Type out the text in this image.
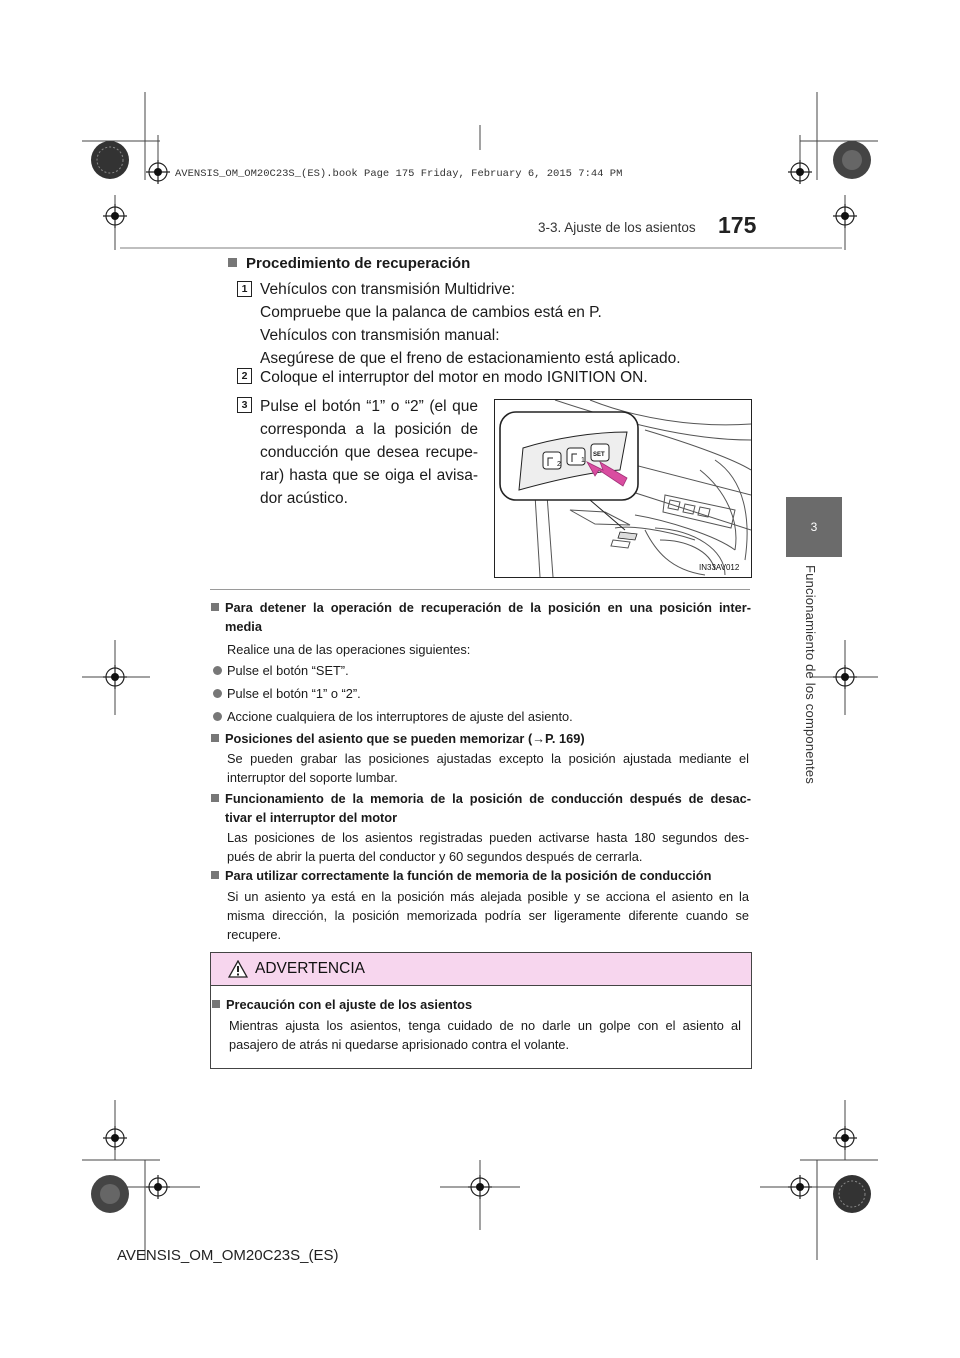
AVENSIS_OM_OM20C23S_(ES).book Page 175 Friday, February 6, 2015 7:44 PM
3-3. Ajuste de los asientos 175
3
Funcionamiento de los componentes
Procedimiento de recuperación
1 Vehículos con transmisión Multidrive:
Compruebe que la palanca de cambios está en P.
Vehículos con transmisión manual:
Asegúrese de que el freno de estacionamiento está aplicado.
2 Coloque el interruptor del motor en modo IGNITION ON.
3 Pulse el botón “1” o “2” (el que
corresponda a la posición de
conducción que desea recupe-
rar) hasta que se oiga el avisa-
dor acústico.
2
1
SET
IN33AV012
Para detener la operación de recuperación de la posición en una posición inter-
media
Realice una de las operaciones siguientes:
Pulse el botón “SET”.
Pulse el botón “1” o “2”.
Accione cualquiera de los interruptores de ajuste del asiento.
Posiciones del asiento que se pueden memorizar (→P. 169)
Se pueden grabar las posiciones ajustadas excepto la posición ajustada mediante el
interruptor del soporte lumbar.
Funcionamiento de la memoria de la posición de conducción después de desac-
tivar el interruptor del motor
Las posiciones de los asientos registradas pueden activarse hasta 180 segundos des-
pués de abrir la puerta del conductor y 60 segundos después de cerrarla.
Para utilizar correctamente la función de memoria de la posición de conducción
Si un asiento ya está en la posición más alejada posible y se acciona el asiento en la
misma dirección, la posición memorizada podría ser ligeramente diferente cuando se
recupere.
ADVERTENCIA
Precaución con el ajuste de los asientos
Mientras ajusta los asientos, tenga cuidado de no darle un golpe con el asiento al
pasajero de atrás ni quedarse aprisionado contra el volante.
AVENSIS_OM_OM20C23S_(ES)
